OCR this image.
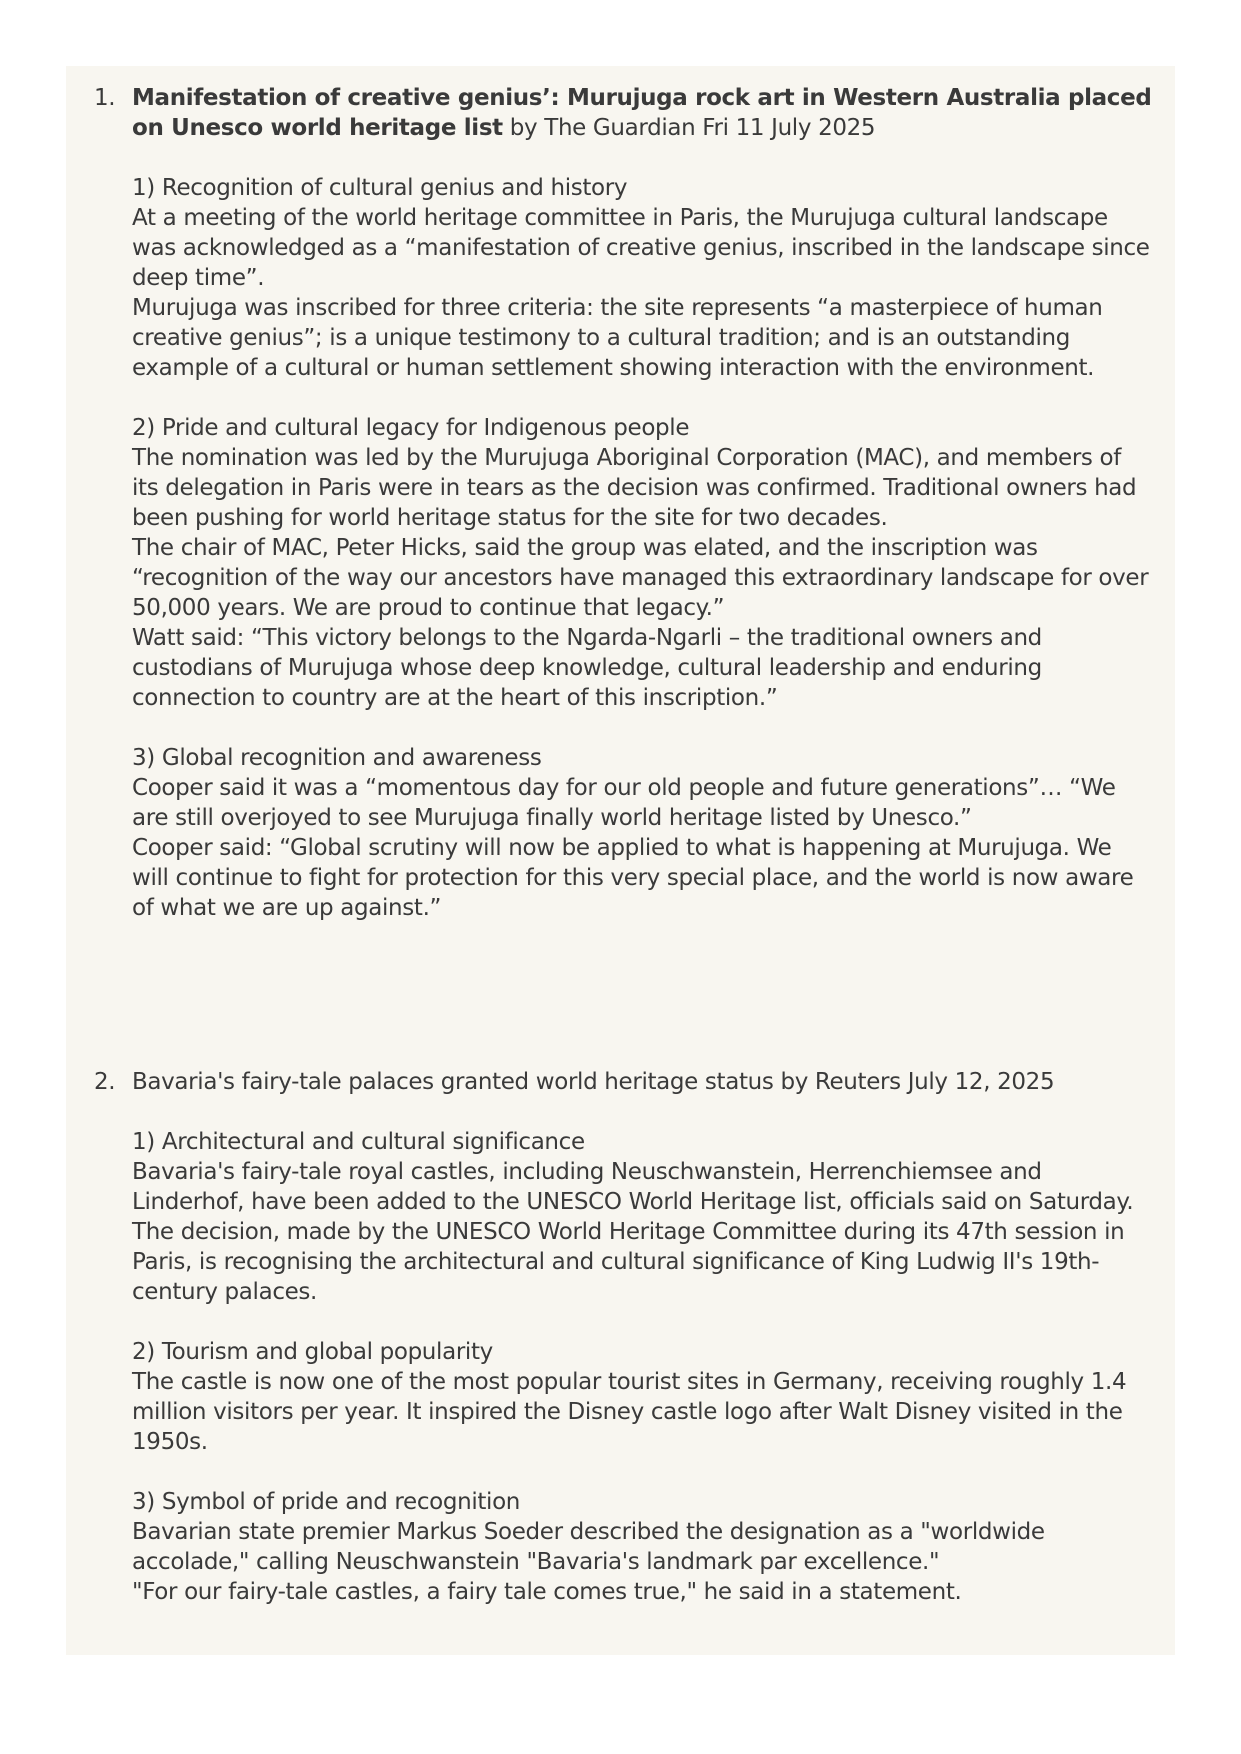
1. Manifestation of creative genius’: Murujuga rock art in Western Australia placed on Unesco world heritage list by The Guardian Fri 11 July 2025
1) Recognition of cultural genius and history
At a meeting of the world heritage committee in Paris, the Murujuga cultural landscape was acknowledged as a “manifestation of creative genius, inscribed in the landscape since deep time”.
Murujuga was inscribed for three criteria: the site represents “a masterpiece of human creative genius”; is a unique testimony to a cultural tradition; and is an outstanding example of a cultural or human settlement showing interaction with the environment.
2) Pride and cultural legacy for Indigenous people
The nomination was led by the Murujuga Aboriginal Corporation (MAC), and members of its delegation in Paris were in tears as the decision was confirmed. Traditional owners had been pushing for world heritage status for the site for two decades.
The chair of MAC, Peter Hicks, said the group was elated, and the inscription was “recognition of the way our ancestors have managed this extraordinary landscape for over 50,000 years. We are proud to continue that legacy.”
Watt said: “This victory belongs to the Ngarda-Ngarli – the traditional owners and custodians of Murujuga whose deep knowledge, cultural leadership and enduring connection to country are at the heart of this inscription.”
3) Global recognition and awareness
Cooper said it was a “momentous day for our old people and future generations”… “We are still overjoyed to see Murujuga finally world heritage listed by Unesco.”
Cooper said: “Global scrutiny will now be applied to what is happening at Murujuga. We will continue to fight for protection for this very special place, and the world is now aware of what we are up against.”
2. Bavaria's fairy-tale palaces granted world heritage status by Reuters July 12, 2025
1) Architectural and cultural significance
Bavaria's fairy-tale royal castles, including Neuschwanstein, Herrenchiemsee and Linderhof, have been added to the UNESCO World Heritage list, officials said on Saturday.
The decision, made by the UNESCO World Heritage Committee during its 47th session in Paris, is recognising the architectural and cultural significance of King Ludwig II's 19th-century palaces.
2) Tourism and global popularity
The castle is now one of the most popular tourist sites in Germany, receiving roughly 1.4 million visitors per year. It inspired the Disney castle logo after Walt Disney visited in the 1950s.
3) Symbol of pride and recognition
Bavarian state premier Markus Soeder described the designation as a "worldwide accolade," calling Neuschwanstein "Bavaria's landmark par excellence."
"For our fairy-tale castles, a fairy tale comes true," he said in a statement.
